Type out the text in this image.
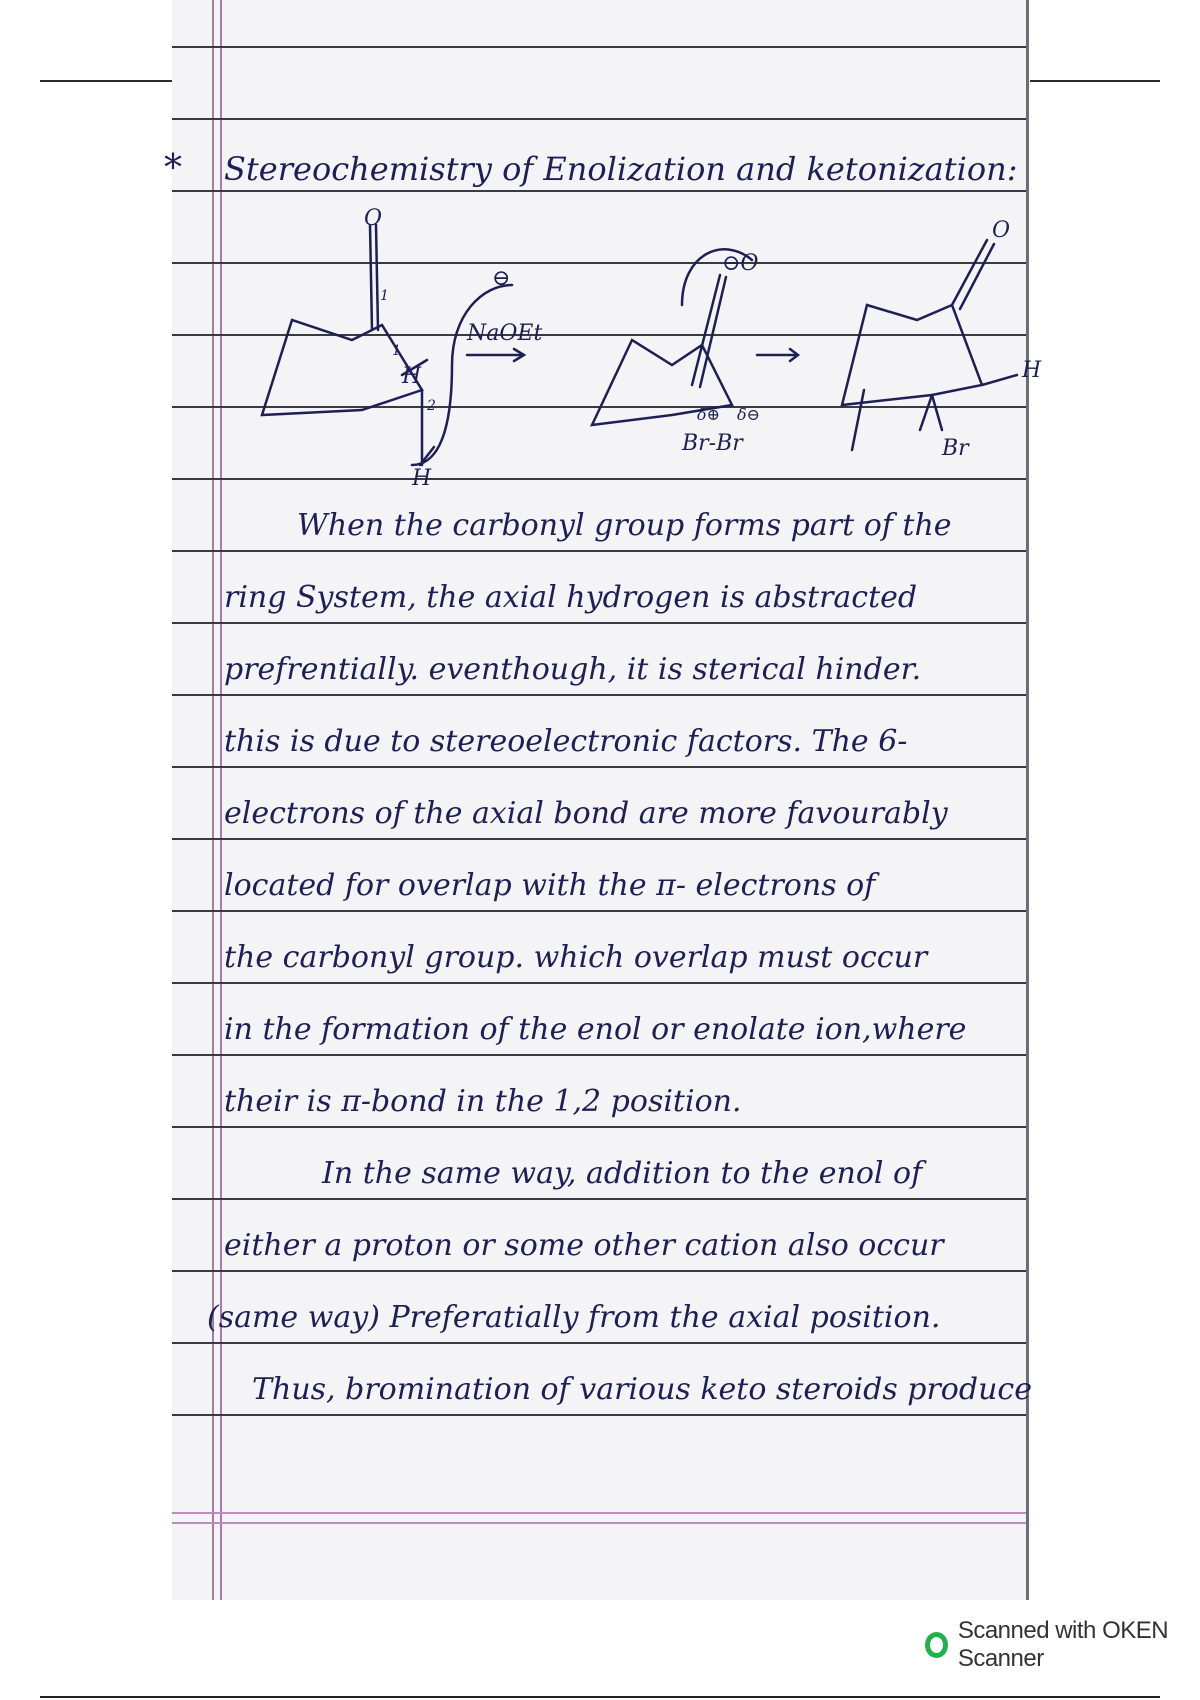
* Stereochemistry of Enolization and ketonization:
NaOEt
⊖
O
⊖O
Br-Br
H
Br
H
H
2
1
1
O
δ⊕ δ⊖
When the carbonyl group forms part of the
ring System, the axial hydrogen is abstracted
prefrentially. eventhough, it is sterical hinder.
this is due to stereoelectronic factors. The 6-
electrons of the axial bond are more favourably
located for overlap with the π- electrons of
the carbonyl group. which overlap must occur
in the formation of the enol or enolate ion,where
their is π-bond in the 1,2 position.
In the same way, addition to the enol of
either a proton or some other cation also occur
(same way) Preferatially from the axial position.
Thus, bromination of various keto steroids produce
Scanned with OKEN Scanner
